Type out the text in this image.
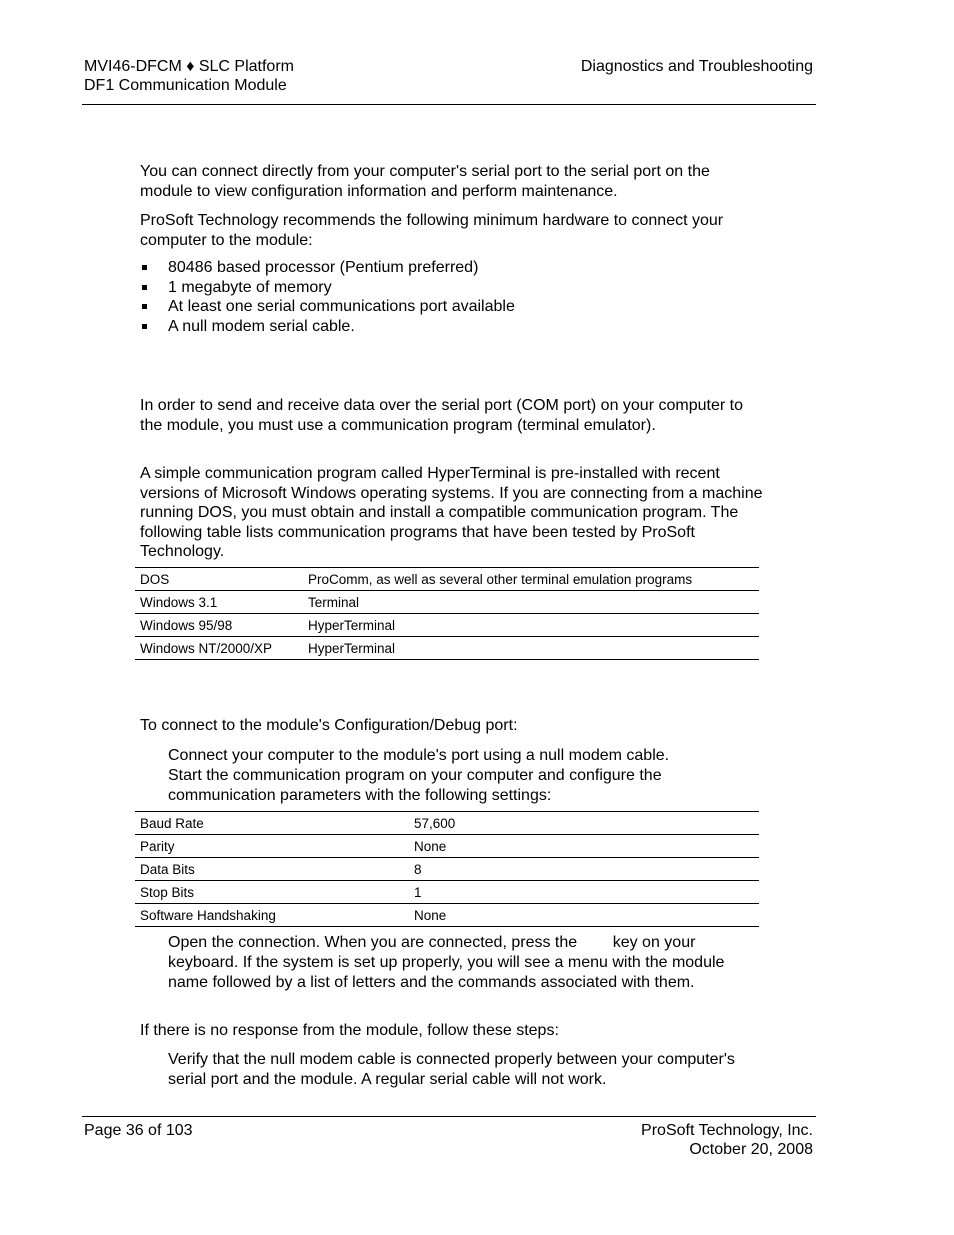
MVI46-DFCM ♦ SLC Platform
DF1 Communication Module
Diagnostics and Troubleshooting
You can connect directly from your computer's serial port to the serial port on the module to view configuration information and perform maintenance.
ProSoft Technology recommends the following minimum hardware to connect your computer to the module:
80486 based processor (Pentium preferred)
1 megabyte of memory
At least one serial communications port available
A null modem serial cable.
In order to send and receive data over the serial port (COM port) on your computer to the module, you must use a communication program (terminal emulator).
A simple communication program called HyperTerminal is pre-installed with recent versions of Microsoft Windows operating systems. If you are connecting from a machine running DOS, you must obtain and install a compatible communication program. The following table lists communication programs that have been tested by ProSoft Technology.
DOS	ProComm, as well as several other terminal emulation programs
Windows 3.1	Terminal
Windows 95/98	HyperTerminal
Windows NT/2000/XP	HyperTerminal
To connect to the module's Configuration/Debug port:
Connect your computer to the module's port using a null modem cable.
Start the communication program on your computer and configure the communication parameters with the following settings:
Baud Rate	57,600
Parity	None
Data Bits	8
Stop Bits	1
Software Handshaking	None
Open the connection. When you are connected, press the        key on your keyboard. If the system is set up properly, you will see a menu with the module name followed by a list of letters and the commands associated with them.
If there is no response from the module, follow these steps:
Verify that the null modem cable is connected properly between your computer's serial port and the module. A regular serial cable will not work.
Page 36 of 103	ProSoft Technology, Inc.
October 20, 2008
